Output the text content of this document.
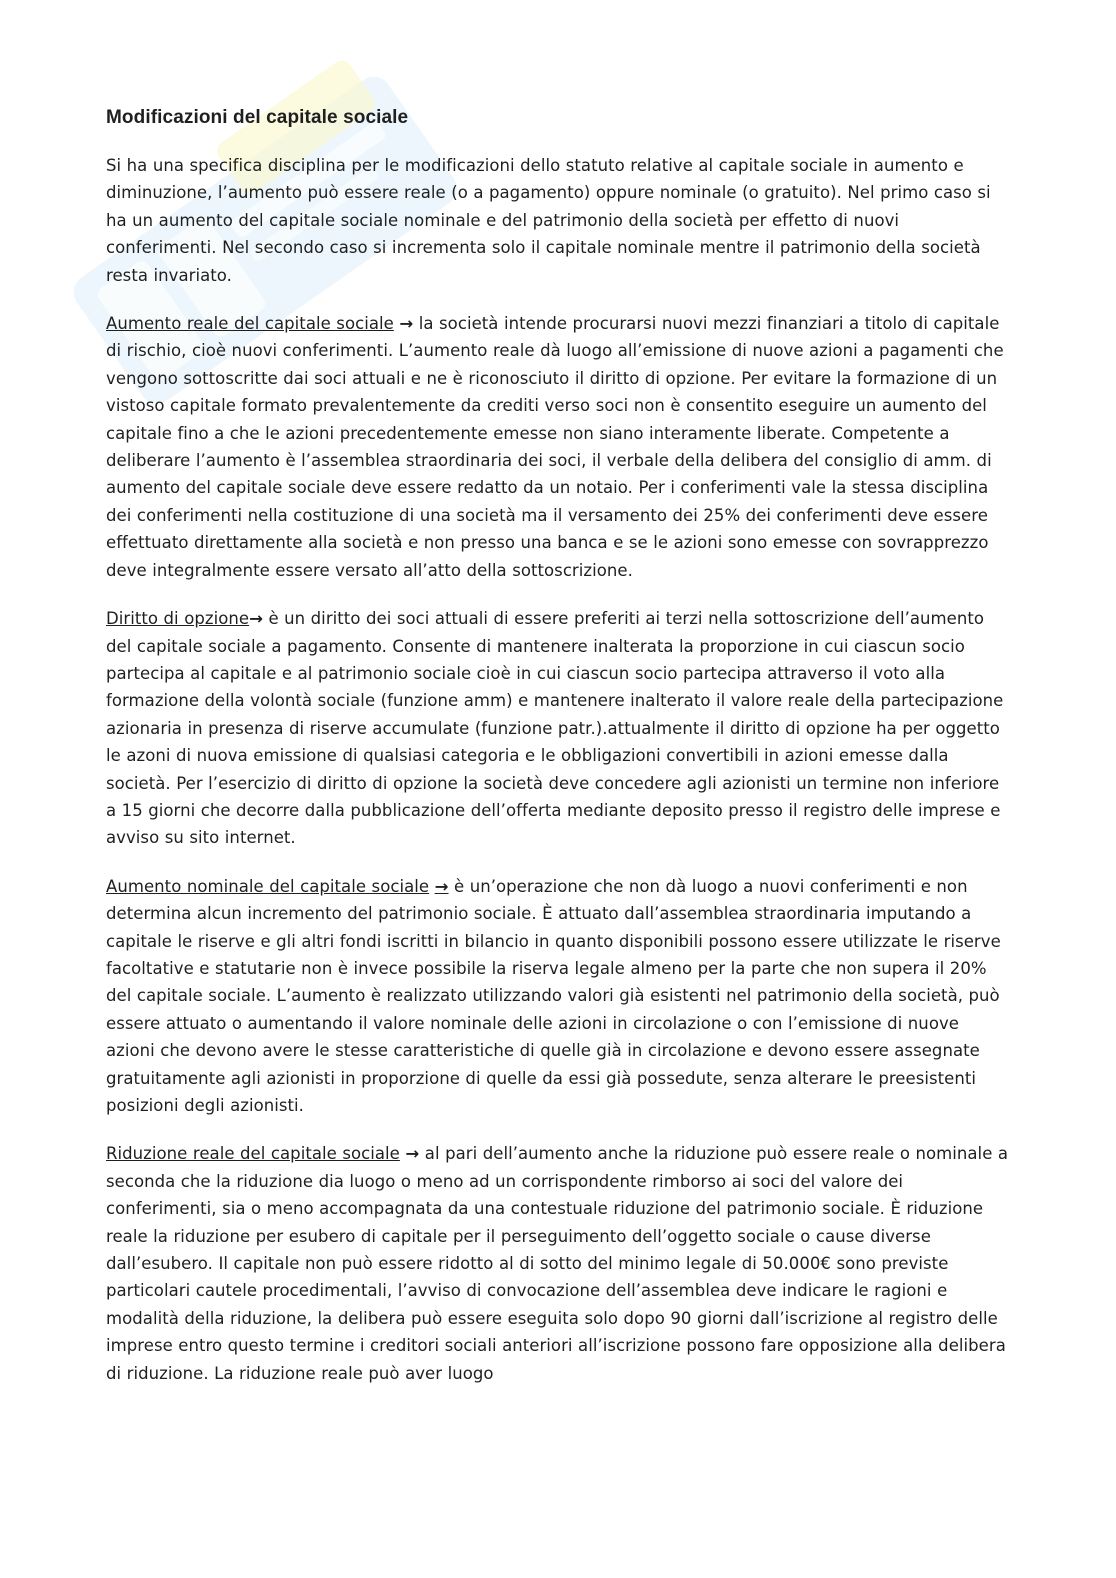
Modificazioni del capitale sociale

Si ha una specifica disciplina per le modificazioni dello statuto relative al capitale sociale in aumento e diminuzione, l’aumento può essere reale (o a pagamento) oppure nominale (o gratuito). Nel primo caso si ha un aumento del capitale sociale nominale e del patrimonio della società per effetto di nuovi conferimenti. Nel secondo caso si incrementa solo il capitale nominale mentre il patrimonio della società resta invariato.

Aumento reale del capitale sociale → la società intende procurarsi nuovi mezzi finanziari a titolo di capitale di rischio, cioè nuovi conferimenti. L’aumento reale dà luogo all’emissione di nuove azioni a pagamenti che vengono sottoscritte dai soci attuali e ne è riconosciuto il diritto di opzione. Per evitare la formazione di un vistoso capitale formato prevalentemente da crediti verso soci non è consentito eseguire un aumento del capitale fino a che le azioni precedentemente emesse non siano interamente liberate. Competente a deliberare l’aumento è l’assemblea straordinaria dei soci, il verbale della delibera del consiglio di amm. di aumento del capitale sociale deve essere redatto da un notaio. Per i conferimenti vale la stessa disciplina dei conferimenti nella costituzione di una società ma il versamento dei 25% dei conferimenti deve essere effettuato direttamente alla società e non presso una banca e se le azioni sono emesse con sovrapprezzo deve integralmente essere versato all’atto della sottoscrizione.

Diritto di opzione→ è un diritto dei soci attuali di essere preferiti ai terzi nella sottoscrizione dell’aumento del capitale sociale a pagamento. Consente di mantenere inalterata la proporzione in cui ciascun socio partecipa al capitale e al patrimonio sociale cioè in cui ciascun socio partecipa attraverso il voto alla formazione della volontà sociale (funzione amm) e mantenere inalterato il valore reale della partecipazione azionaria in presenza di riserve accumulate (funzione patr.).attualmente il diritto di opzione ha per oggetto le azoni di nuova emissione di qualsiasi categoria e le obbligazioni convertibili in azioni emesse dalla società. Per l’esercizio di diritto di opzione la società deve concedere agli azionisti un termine non inferiore a 15 giorni che decorre dalla pubblicazione dell’offerta mediante deposito presso il registro delle imprese e avviso su sito internet.

Aumento nominale del capitale sociale → è un’operazione che non dà luogo a nuovi conferimenti e non determina alcun incremento del patrimonio sociale. È attuato dall’assemblea straordinaria imputando a capitale le riserve e gli altri fondi iscritti in bilancio in quanto disponibili possono essere utilizzate le riserve facoltative e statutarie non è invece possibile la riserva legale almeno per la parte che non supera il 20% del capitale sociale. L’aumento è realizzato utilizzando valori già esistenti nel patrimonio della società, può essere attuato o aumentando il valore nominale delle azioni in circolazione o con l’emissione di nuove azioni che devono avere le stesse caratteristiche di quelle già in circolazione e devono essere assegnate gratuitamente agli azionisti in proporzione di quelle da essi già possedute, senza alterare le preesistenti posizioni degli azionisti.

Riduzione reale del capitale sociale → al pari dell’aumento anche la riduzione può essere reale o nominale a seconda che la riduzione dia luogo o meno ad un corrispondente rimborso ai soci del valore dei conferimenti, sia o meno accompagnata da una contestuale riduzione del patrimonio sociale. È riduzione reale la riduzione per esubero di capitale per il perseguimento dell’oggetto sociale o cause diverse dall’esubero. Il capitale non può essere ridotto al di sotto del minimo legale di 50.000€ sono previste particolari cautele procedimentali, l’avviso di convocazione dell’assemblea deve indicare le ragioni e modalità della riduzione, la delibera può essere eseguita solo dopo 90 giorni dall’iscrizione al registro delle imprese entro questo termine i creditori sociali anteriori all’iscrizione possono fare opposizione alla delibera di riduzione. La riduzione reale può aver luogo
